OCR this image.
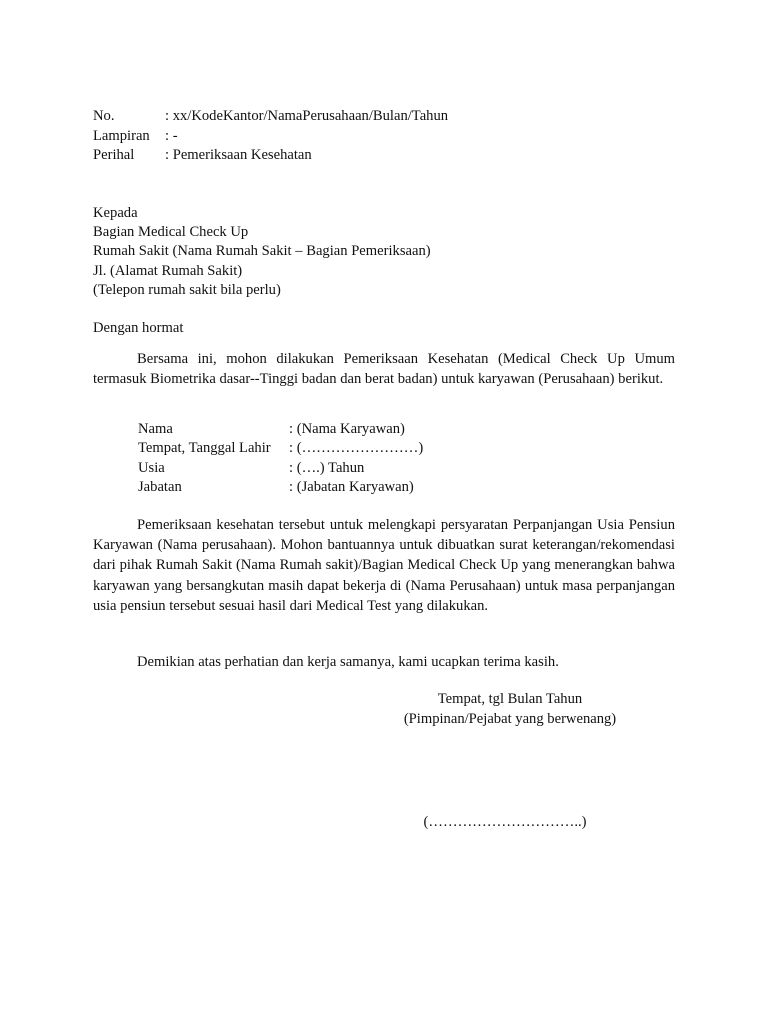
No.	: xx/KodeKantor/NamaPerusahaan/Bulan/Tahun
Lampiran : -
Perihal : Pemeriksaan Kesehatan
Kepada
Bagian Medical Check Up
Rumah Sakit (Nama Rumah Sakit – Bagian Pemeriksaan)
Jl. (Alamat Rumah Sakit)
(Telepon rumah sakit bila perlu)
Dengan hormat
Bersama ini, mohon dilakukan Pemeriksaan Kesehatan (Medical Check Up Umum termasuk Biometrika dasar--Tinggi badan dan berat badan) untuk karyawan (Perusahaan) berikut.
Nama	: (Nama Karyawan)
Tempat, Tanggal Lahir : (……………………)
Usia	: (….) Tahun
Jabatan	: (Jabatan Karyawan)
Pemeriksaan kesehatan tersebut untuk melengkapi persyaratan Perpanjangan Usia Pensiun Karyawan (Nama perusahaan). Mohon bantuannya untuk dibuatkan surat keterangan/rekomendasi dari pihak Rumah Sakit (Nama Rumah sakit)/Bagian Medical Check Up yang menerangkan bahwa karyawan yang bersangkutan masih dapat bekerja di (Nama Perusahaan) untuk masa perpanjangan usia pensiun tersebut sesuai hasil dari Medical Test yang dilakukan.
Demikian atas perhatian dan kerja samanya, kami ucapkan terima kasih.
Tempat, tgl Bulan Tahun
(Pimpinan/Pejabat yang berwenang)
(…………………………..)
